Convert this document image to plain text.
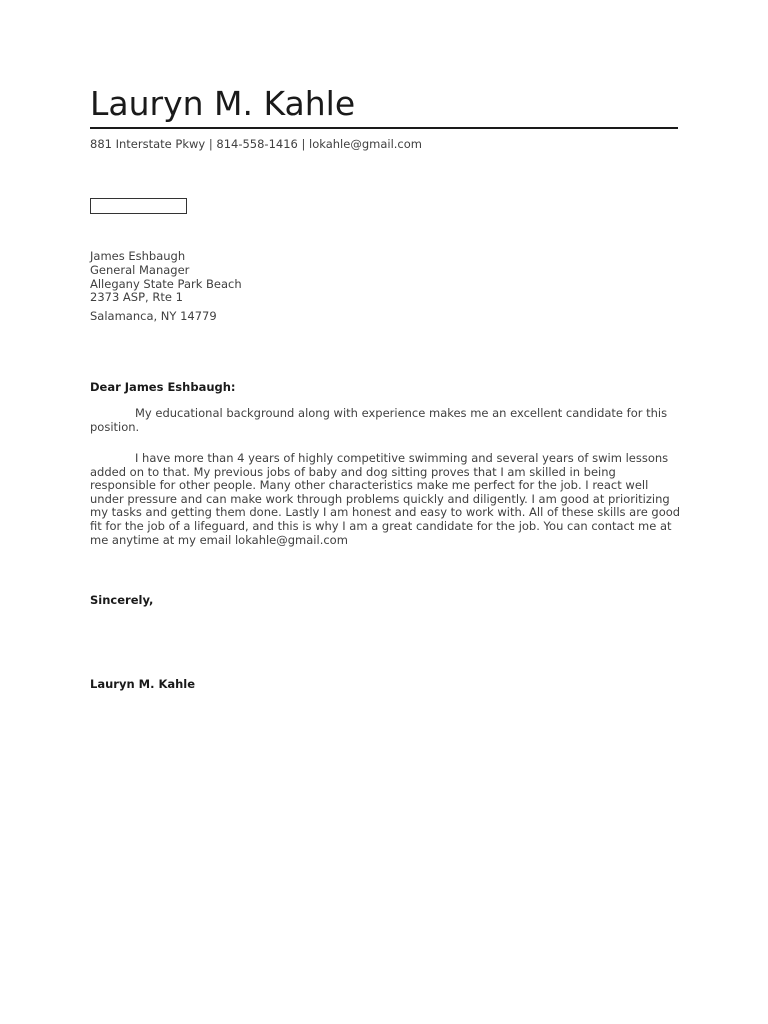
Lauryn M. Kahle
881 Interstate Pkwy | 814-558-1416 | lokahle@gmail.com
James Eshbaugh
General Manager
Allegany State Park Beach
2373 ASP, Rte 1
Salamanca, NY 14779
Dear James Eshbaugh:

My educational background along with experience makes me an excellent candidate for this position.

I have more than 4 years of highly competitive swimming and several years of swim lessons added on to that. My previous jobs of baby and dog sitting proves that I am skilled in being responsible for other people. Many other characteristics make me perfect for the job. I react well under pressure and can make work through problems quickly and diligently. I am good at prioritizing my tasks and getting them done. Lastly I am honest and easy to work with. All of these skills are good fit for the job of a lifeguard, and this is why I am a great candidate for the job. You can contact me at me anytime at my email lokahle@gmail.com

Sincerely,
Lauryn M. Kahle
